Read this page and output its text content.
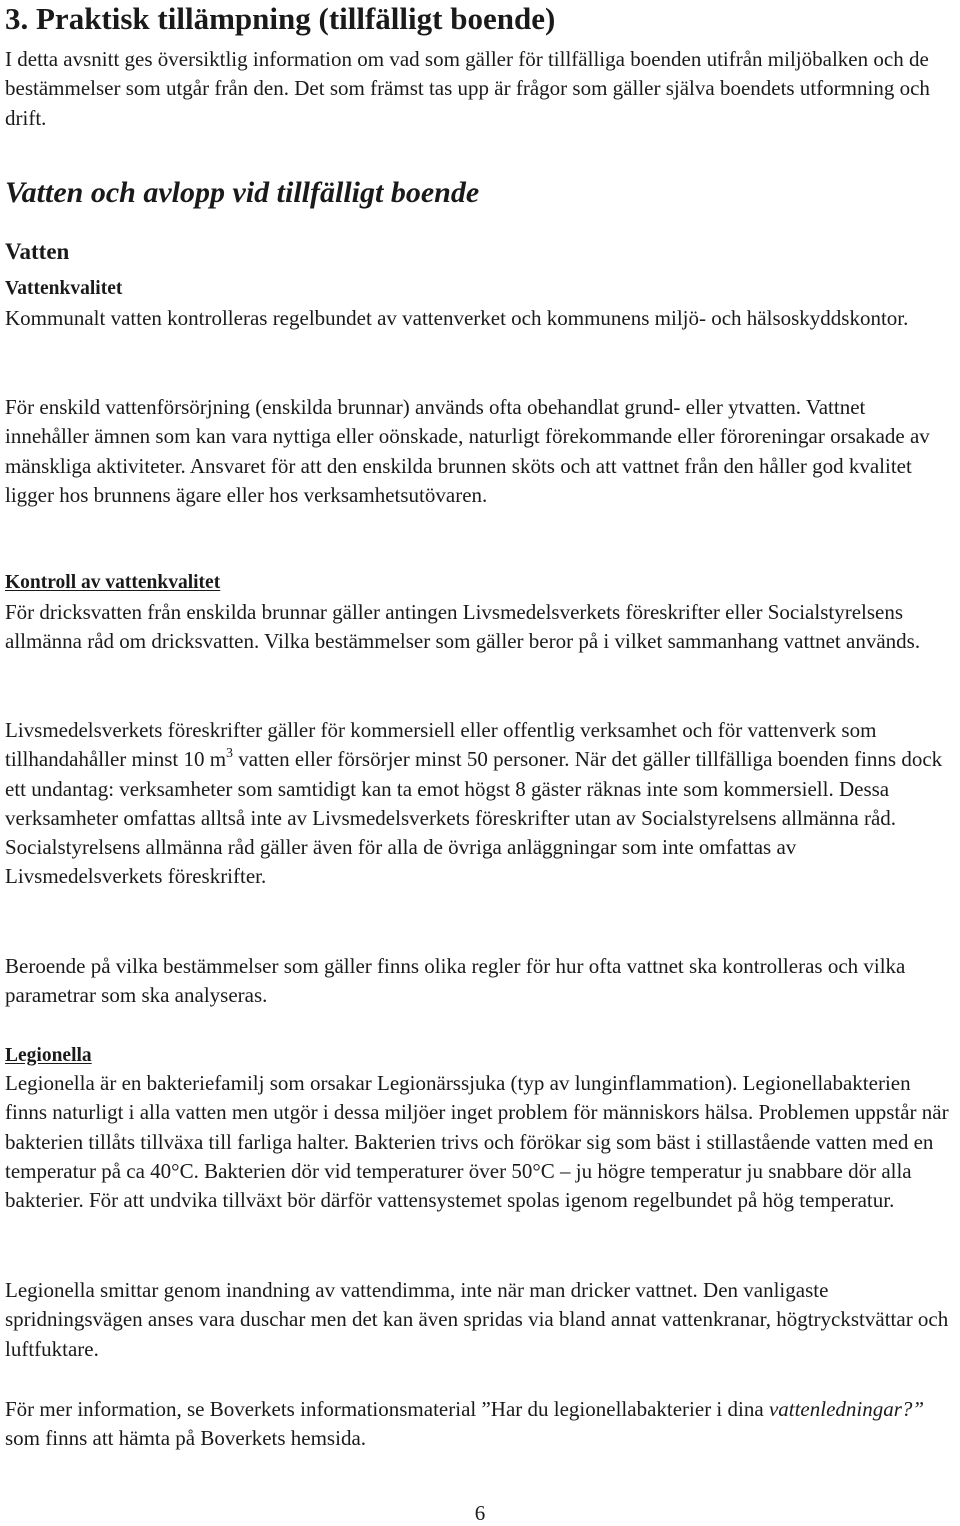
3. Praktisk tillämpning (tillfälligt boende)

I detta avsnitt ges översiktlig information om vad som gäller för tillfälliga boenden utifrån miljöbalken och de bestämmelser som utgår från den. Det som främst tas upp är frågor som gäller själva boendets utformning och drift.

Vatten och avlopp vid tillfälligt boende
Vatten
Vattenkvalitet

Kommunalt vatten kontrolleras regelbundet av vattenverket och kommunens miljö- och hälsoskyddskontor.

För enskild vattenförsörjning (enskilda brunnar) används ofta obehandlat grund- eller ytvatten. Vattnet innehåller ämnen som kan vara nyttiga eller oönskade, naturligt förekommande eller föroreningar orsakade av mänskliga aktiviteter. Ansvaret för att den enskilda brunnen sköts och att vattnet från den håller god kvalitet ligger hos brunnens ägare eller hos verksamhetsutövaren.

Kontroll av vattenkvalitet

För dricksvatten från enskilda brunnar gäller antingen Livsmedelsverkets föreskrifter eller Socialstyrelsens allmänna råd om dricksvatten. Vilka bestämmelser som gäller beror på i vilket sammanhang vattnet används.

Livsmedelsverkets föreskrifter gäller för kommersiell eller offentlig verksamhet och för vattenverk som tillhandahåller minst 10 $m^3$ vatten eller försörjer minst 50 personer. När det gäller tillfälliga boenden finns dock ett undantag: verksamheter som samtidigt kan ta emot högst 8 gäster räknas inte som kommersiell. Dessa verksamheter omfattas alltså inte av Livsmedelsverkets föreskrifter utan av Socialstyrelsens allmänna råd. Socialstyrelsens allmänna råd gäller även för alla de övriga anläggningar som inte omfattas av Livsmedelsverkets föreskrifter.

Beroende på vilka bestämmelser som gäller finns olika regler för hur ofta vattnet ska kontrolleras och vilka parametrar som ska analyseras.

Legionella

Legionella är en bakteriefamilj som orsakar Legionärssjuka (typ av lunginflammation). Legionellabakterien finns naturligt i alla vatten men utgör i dessa miljöer inget problem för människors hälsa. Problemen uppstår när bakterien tillåts tillväxa till farliga halter. Bakterien trivs och förökar sig som bäst i stillastående vatten med en temperatur på ca 40°C. Bakterien dör vid temperaturer över 50°C – ju högre temperatur ju snabbare dör alla bakterier. För att undvika tillväxt bör därför vattensystemet spolas igenom regelbundet på hög temperatur.

Legionella smittar genom inandning av vattendimma, inte när man dricker vattnet. Den vanligaste spridningsvägen anses vara duschar men det kan även spridas via bland annat vattenkranar, högtryckstvättar och luftfuktare.

För mer information, se Boverkets informationsmaterial ”Har du legionellabakterier i dina vattenledningar?” som finns att hämta på Boverkets hemsida.

6
